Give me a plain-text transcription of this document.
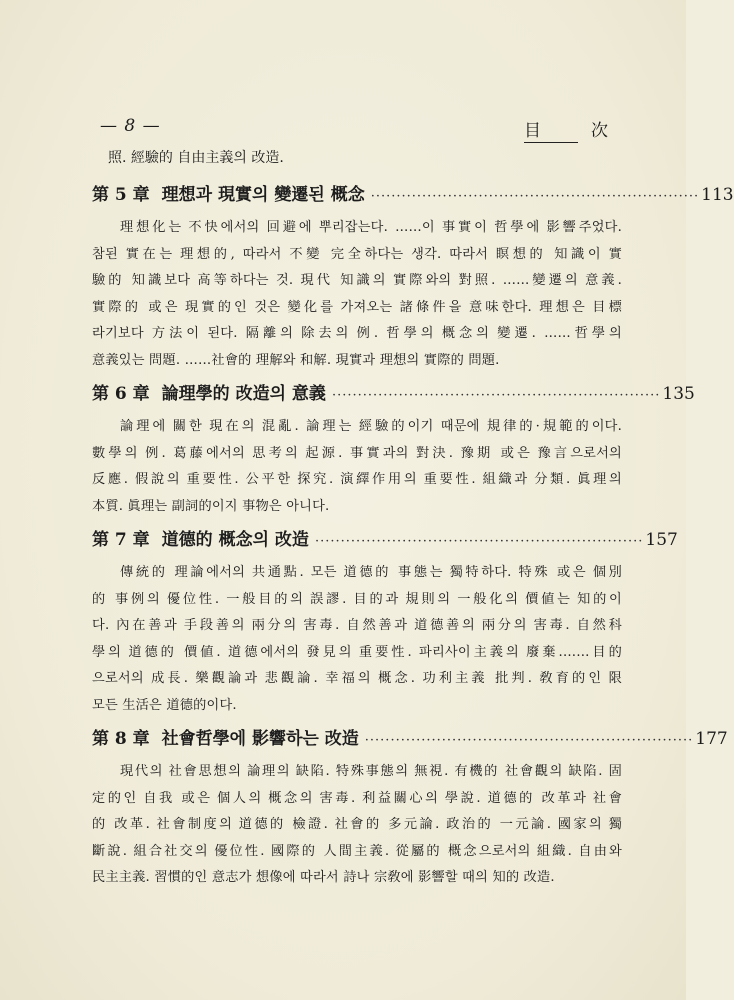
— 8 —	目	次
照. 經驗的 自由主義의 改造.
第 5 章 理想과 現實의 變遷된 概念 ································································ 113
理想化는 不快에서의 回避에 뿌리잡는다. ……이 事實이 哲學에 影響주었다.
참된 實在는 理想的, 따라서 不變 完全하다는 생각. 따라서 瞑想的 知識이 實
驗的 知識보다 高等하다는 것. 現代 知識의 實際와의 對照. ……變遷의 意義.
實際的 或은 現實的인 것은 變化를 가져오는 諸條件을 意味한다. 理想은 目標
라기보다 方法이 된다. 隔離의 除去의 例. 哲學의 概念의 變遷. ……哲學의
意義있는 問題. ……社會的 理解와 和解. 現實과 理想의 實際的 問題.
第 6 章 論理學的 改造의 意義 ································································ 135
論理에 關한 現在의 混亂. 論理는 經驗的이기 때문에 規律的·規範的이다.
數學의 例. 葛藤에서의 思考의 起源. 事實과의 對決. 豫期 或은 豫言으로서의
反應. 假說의 重要性. 公平한 探究. 演繹作用의 重要性. 組織과 分類. 眞理의
本質. 眞理는 副詞的이지 事物은 아니다.
第 7 章 道德的 概念의 改造 ································································ 157
傳統的 理論에서의 共通點. 모든 道德的 事態는 獨特하다. 特殊 或은 個別
的 事例의 優位性. 一般目的의 誤謬. 目的과 規則의 一般化의 價値는 知的이
다. 內在善과 手段善의 兩分의 害毒. 自然善과 道德善의 兩分의 害毒. 自然科
學의 道德的 價値. 道德에서의 發見의 重要性. 파리사이主義의 廢棄.……目的
으로서의 成長. 樂觀論과 悲觀論. 幸福의 概念. 功利主義 批判. 敎育的인 限
모든 生活은 道德的이다.
第 8 章 社會哲學에 影響하는 改造 ································································ 177
現代의 社會思想의 論理의 缺陷. 特殊事態의 無視. 有機的 社會觀의 缺陷. 固
定的인 自我 或은 個人의 概念의 害毒. 利益關心의 學說. 道德的 改革과 社會
的 改革. 社會制度의 道德的 檢證. 社會的 多元論. 政治的 一元論. 國家의 獨
斷說. 組合社交의 優位性. 國際的 人間主義. 從屬的 概念으로서의 組織. 自由와
民主主義. 習慣的인 意志가 想像에 따라서 詩나 宗敎에 影響할 때의 知的 改造.
